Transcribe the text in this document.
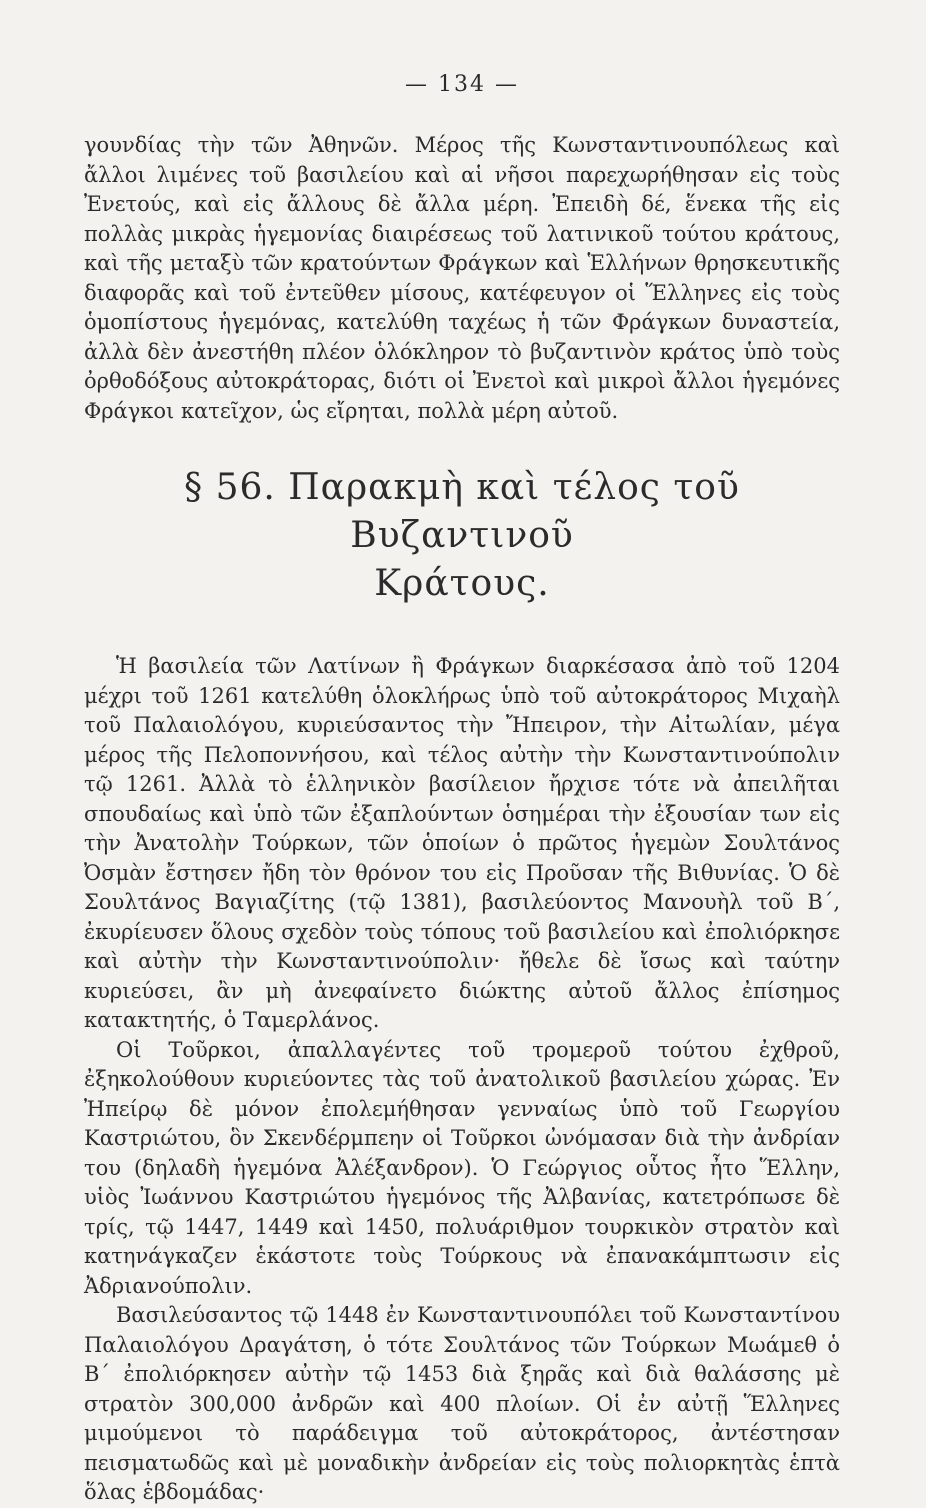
— 134 —

γουνδίας τὴν τῶν Ἀθηνῶν. Μέρος τῆς Κωνσταντινουπόλεως καὶ ἄλλοι λιμένες τοῦ βασιλείου καὶ αἱ νῆσοι παρεχωρήθησαν εἰς τοὺς Ἐνετούς, καὶ εἰς ἄλλους δὲ ἄλλα μέρη. Ἐπειδὴ δέ, ἕνεκα τῆς εἰς πολλὰς μικρὰς ἡγεμονίας διαιρέσεως τοῦ λατινικοῦ τούτου κράτους, καὶ τῆς μεταξὺ τῶν κρατούντων Φράγκων καὶ Ἑλλήνων θρησκευτικῆς διαφορᾶς καὶ τοῦ ἐντεῦθεν μίσους, κατέφευγον οἱ Ἕλληνες εἰς τοὺς ὁμοπίστους ἡγεμόνας, κατελύθη ταχέως ἡ τῶν Φράγκων δυναστεία, ἀλλὰ δὲν ἀνεστήθη πλέον ὁλόκληρον τὸ βυζαντινὸν κράτος ὑπὸ τοὺς ὀρθοδόξους αὐτοκράτορας, διότι οἱ Ἐνετοὶ καὶ μικροὶ ἄλλοι ἡγεμόνες Φράγκοι κατεῖχον, ὡς εἴρηται, πολλὰ μέρη αὐτοῦ.

§ 56. Παρακμὴ καὶ τέλος τοῦ Βυζαντινοῦ
Κράτους.

Ἡ βασιλεία τῶν Λατίνων ἢ Φράγκων διαρκέσασα ἀπὸ τοῦ 1204 μέχρι τοῦ 1261 κατελύθη ὁλοκλήρως ὑπὸ τοῦ αὐτοκράτορος Μιχαὴλ τοῦ Παλαιολόγου, κυριεύσαντος τὴν Ἤπειρον, τὴν Αἰτωλίαν, μέγα μέρος τῆς Πελοποννήσου, καὶ τέλος αὐτὴν τὴν Κωνσταντινούπολιν τῷ 1261. Ἀλλὰ τὸ ἑλληνικὸν βασίλειον ἤρχισε τότε νὰ ἀπειλῆται σπουδαίως καὶ ὑπὸ τῶν ἐξαπλούντων ὁσημέραι τὴν ἐξουσίαν των εἰς τὴν Ἀνατολὴν Τούρκων, τῶν ὁποίων ὁ πρῶτος ἡγεμὼν Σουλτάνος Ὀσμὰν ἔστησεν ἤδη τὸν θρόνον του εἰς Προῦσαν τῆς Βιθυνίας. Ὁ δὲ Σουλτάνος Βαγιαζίτης (τῷ 1381), βασιλεύοντος Μανουὴλ τοῦ Β΄, ἐκυρίευσεν ὅλους σχεδὸν τοὺς τόπους τοῦ βασιλείου καὶ ἐπολιόρκησε καὶ αὐτὴν τὴν Κωνσταντινούπολιν· ἤθελε δὲ ἴσως καὶ ταύτην κυριεύσει, ἂν μὴ ἀνεφαίνετο διώκτης αὐτοῦ ἄλλος ἐπίσημος κατακτητής, ὁ Ταμερλάνος.

Οἱ Τοῦρκοι, ἀπαλλαγέντες τοῦ τρομεροῦ τούτου ἐχθροῦ, ἐξηκολούθουν κυριεύοντες τὰς τοῦ ἀνατολικοῦ βασιλείου χώρας. Ἐν Ἠπείρῳ δὲ μόνον ἐπολεμήθησαν γενναίως ὑπὸ τοῦ Γεωργίου Καστριώτου, ὃν Σκενδέρμπεην οἱ Τοῦρκοι ὠνόμασαν διὰ τὴν ἀνδρίαν του (δηλαδὴ ἡγεμόνα Ἀλέξανδρον). Ὁ Γεώργιος οὗτος ἦτο Ἕλλην, υἱὸς Ἰωάννου Καστριώτου ἡγεμόνος τῆς Ἀλβανίας, κατετρόπωσε δὲ τρίς, τῷ 1447, 1449 καὶ 1450, πολυάριθμον τουρκικὸν στρατὸν καὶ κατηνάγκαζεν ἑκάστοτε τοὺς Τούρκους νὰ ἐπανακάμπτωσιν εἰς Ἀδριανούπολιν.

Βασιλεύσαντος τῷ 1448 ἐν Κωνσταντινουπόλει τοῦ Κωνσταντίνου Παλαιολόγου Δραγάτση, ὁ τότε Σουλτάνος τῶν Τούρκων Μωάμεθ ὁ Β΄ ἐπολιόρκησεν αὐτὴν τῷ 1453 διὰ ξηρᾶς καὶ διὰ θαλάσσης μὲ στρατὸν 300,000 ἀνδρῶν καὶ 400 πλοίων. Οἱ ἐν αὐτῇ Ἕλληνες μιμούμενοι τὸ παράδειγμα τοῦ αὐτοκράτορος, ἀντέστησαν πεισματωδῶς καὶ μὲ μοναδικὴν ἀνδρείαν εἰς τοὺς πολιορκητὰς ἑπτὰ ὅλας ἑβδομάδας·
